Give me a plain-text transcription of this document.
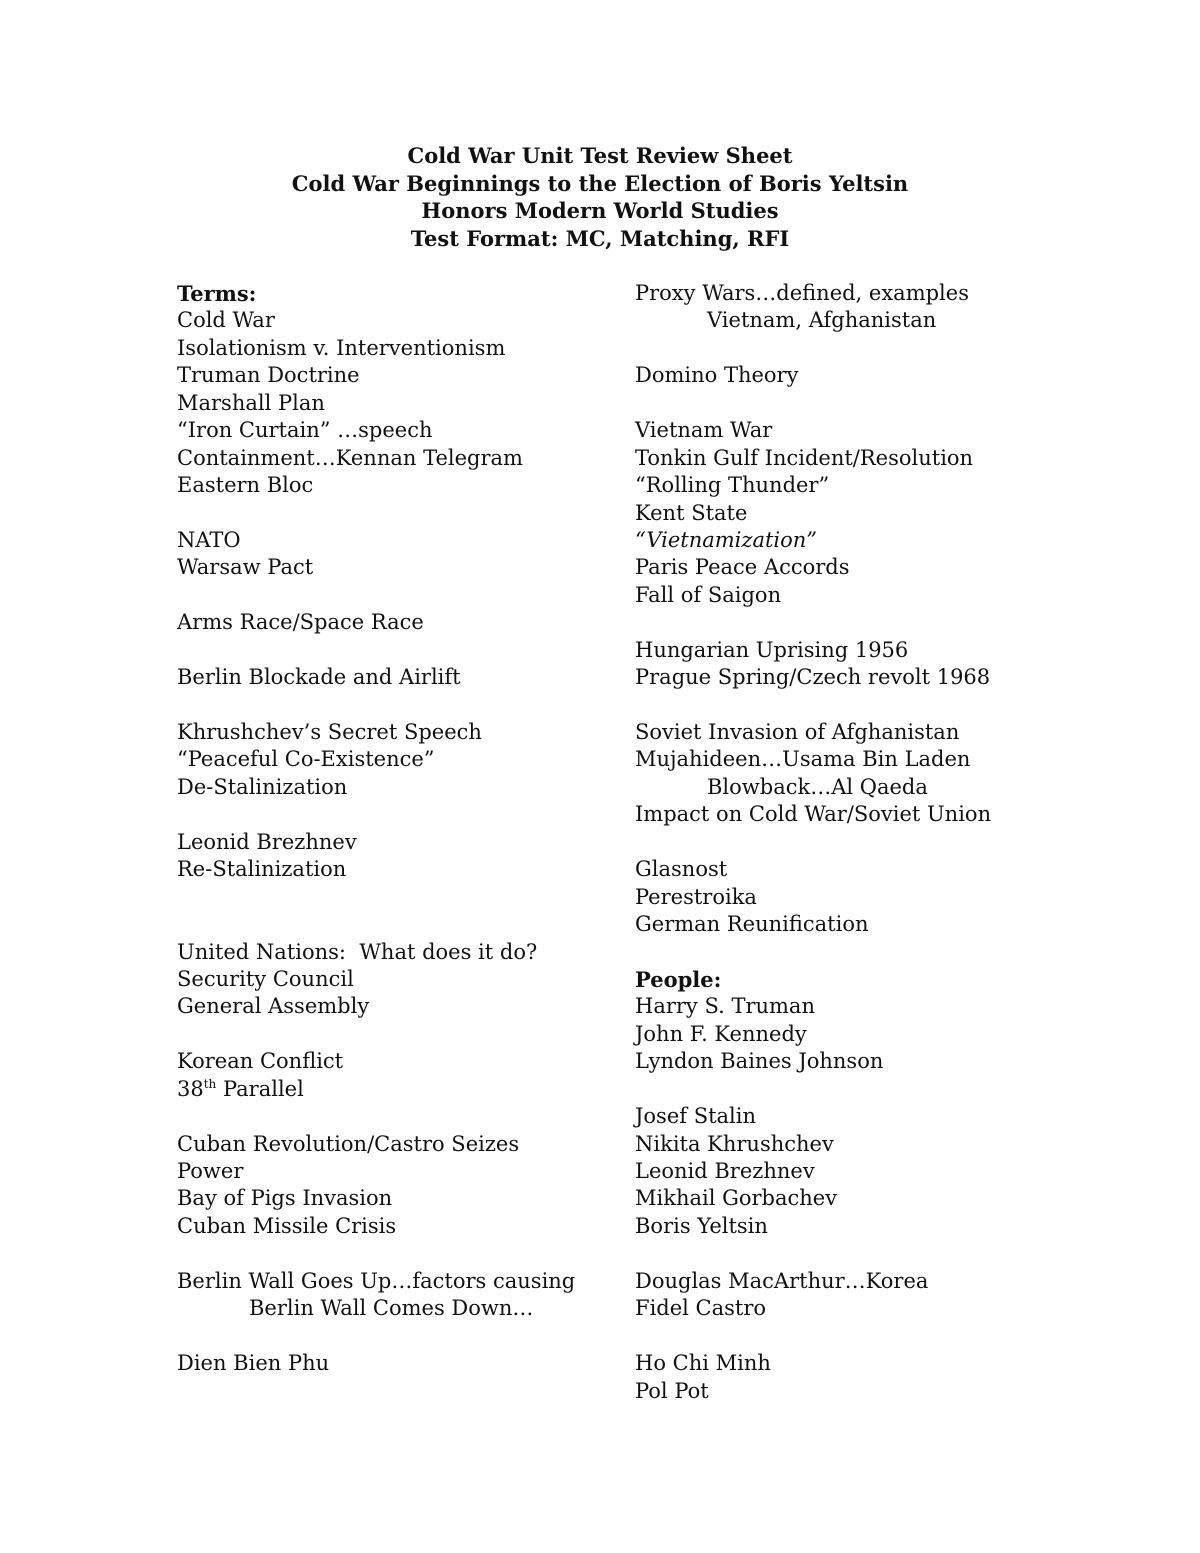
Cold War Unit Test Review Sheet
Cold War Beginnings to the Election of Boris Yeltsin
Honors Modern World Studies
Test Format: MC, Matching, RFI
Terms:
Cold War
Isolationism v. Interventionism
Truman Doctrine
Marshall Plan
“Iron Curtain” …speech
Containment…Kennan Telegram
Eastern Bloc
NATO
Warsaw Pact
Arms Race/Space Race
Berlin Blockade and Airlift
Khrushchev’s Secret Speech
“Peaceful Co-Existence”
De-Stalinization
Leonid Brezhnev
Re-Stalinization
United Nations:  What does it do?
Security Council
General Assembly
Korean Conflict
38th Parallel
Cuban Revolution/Castro Seizes
Power
Bay of Pigs Invasion
Cuban Missile Crisis
Berlin Wall Goes Up…factors causing
Berlin Wall Comes Down…
Dien Bien Phu
Proxy Wars…defined, examples
Vietnam, Afghanistan
Domino Theory
Vietnam War
Tonkin Gulf Incident/Resolution
“Rolling Thunder”
Kent State
“Vietnamization”
Paris Peace Accords
Fall of Saigon
Hungarian Uprising 1956
Prague Spring/Czech revolt 1968
Soviet Invasion of Afghanistan
Mujahideen…Usama Bin Laden
Blowback…Al Qaeda
Impact on Cold War/Soviet Union
Glasnost
Perestroika
German Reunification
People:
Harry S. Truman
John F. Kennedy
Lyndon Baines Johnson
Josef Stalin
Nikita Khrushchev
Leonid Brezhnev
Mikhail Gorbachev
Boris Yeltsin
Douglas MacArthur…Korea
Fidel Castro
Ho Chi Minh
Pol Pot
